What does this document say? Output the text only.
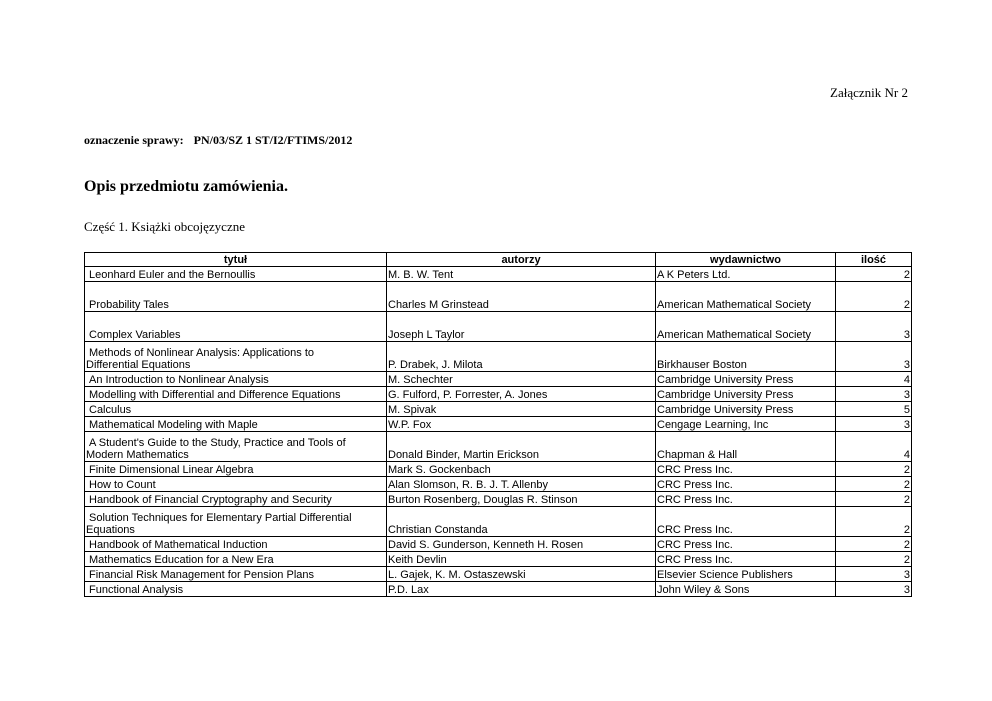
Załącznik Nr 2
oznaczenie sprawy: PN/03/SZ 1 ST/I2/FTIMS/2012
Opis przedmiotu zamówienia.
Część 1. Książki obcojęzyczne
tytuł	autorzy	wydawnictwo	ilość
Leonhard Euler and the Bernoullis	M. B. W. Tent	A K Peters Ltd.	2
Probability Tales	Charles M Grinstead	American Mathematical Society	2
Complex Variables	Joseph L Taylor	American Mathematical Society	3

Methods of Nonlinear Analysis: Applications to
Differential Equations	P. Drabek, J. Milota	Birkhauser Boston	3
An Introduction to Nonlinear Analysis	M. Schechter	Cambridge University Press	4
Modelling with Differential and Difference Equations	G. Fulford, P. Forrester, A. Jones	Cambridge University Press	3
Calculus	M. Spivak	Cambridge University Press	5
Mathematical Modeling with Maple	W.P. Fox	Cengage Learning, Inc	3

A Student's Guide to the Study, Practice and Tools of
Modern Mathematics	Donald Binder, Martin Erickson	Chapman & Hall	4
Finite Dimensional Linear Algebra	Mark S. Gockenbach	CRC Press Inc.	2
How to Count	Alan Slomson, R. B. J. T. Allenby	CRC Press Inc.	2
Handbook of Financial Cryptography and Security	Burton Rosenberg, Douglas R. Stinson	CRC Press Inc.	2

Solution Techniques for Elementary Partial Differential
Equations	Christian Constanda	CRC Press Inc.	2
Handbook of Mathematical Induction	David S. Gunderson, Kenneth H. Rosen	CRC Press Inc.	2
Mathematics Education for a New Era	Keith Devlin	CRC Press Inc.	2
Financial Risk Management for Pension Plans	L. Gajek, K. M. Ostaszewski	Elsevier Science Publishers	3
Functional Analysis	P.D. Lax	John Wiley & Sons	3
